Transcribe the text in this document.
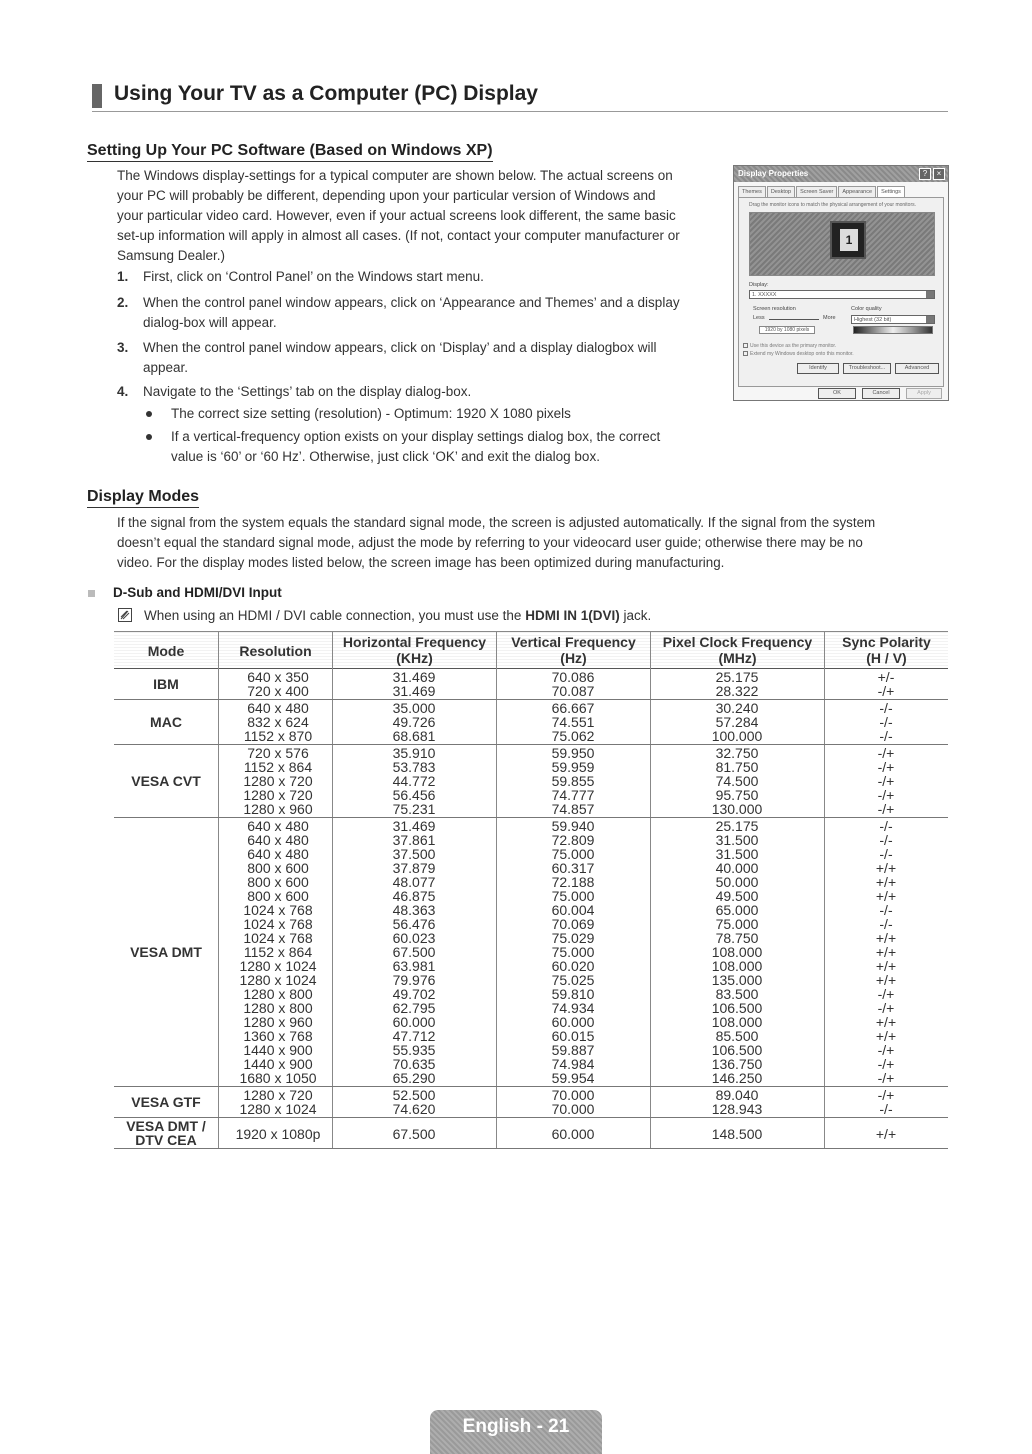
Using Your TV as a Computer (PC) Display
Setting Up Your PC Software (Based on Windows XP)
The Windows display-settings for a typical computer are shown below. The actual screens on
your PC will probably be different, depending upon your particular version of Windows and
your particular video card. However, even if your actual screens look different, the same basic
set-up information will apply in almost all cases. (If not, contact your computer manufacturer or
Samsung Dealer.)
1. First, click on ‘Control Panel’ on the Windows start menu.
2. When the control panel window appears, click on ‘Appearance and Themes’ and a display
dialog-box will appear.
3. When the control panel window appears, click on ‘Display’ and a display dialogbox will
appear.
4. Navigate to the ‘Settings’ tab on the display dialog-box.
The correct size setting (resolution) - Optimum: 1920 X 1080 pixels
If a vertical-frequency option exists on your display settings dialog box, the correct
value is ‘60’ or ‘60 Hz’. Otherwise, just click ‘OK’ and exit the dialog box.
Display Properties	?	×
Themes Desktop Screen Saver Appearance Settings
Drag the monitor icons to match the physical arrangement of your monitors.
1
Display:
1. XXXXX
Screen resolution
Less	More
1920 by 1080 pixels
Color quality
Highest (32 bit)
Use this device as the primary monitor.
Extend my Windows desktop onto this monitor.
Identify	Troubleshoot...	Advanced
OK	Cancel	Apply
Display Modes
If the signal from the system equals the standard signal mode, the screen is adjusted automatically. If the signal from the system
doesn’t equal the standard signal mode, adjust the mode by referring to your videocard user guide; otherwise there may be no
video. For the display modes listed below, the screen image has been optimized during manufacturing.
D-Sub and HDMI/DVI Input
When using an HDMI / DVI cable connection, you must use the HDMI IN 1(DVI) jack.
Mode	Resolution
Horizontal Frequency
(KHz)
Vertical Frequency
(Hz)
Pixel Clock Frequency
(MHz)
Sync Polarity
(H / V)
IBM	640 x 350	31.469	70.086	25.175	+/-
720 x 400	31.469	70.087	28.322	-/+
MAC
640 x 480	35.000	66.667	30.240	-/-
832 x 624	49.726	74.551	57.284	-/-
1152 x 870	68.681	75.062	100.000	-/-
VESA CVT
720 x 576	35.910	59.950	32.750	-/+
1152 x 864	53.783	59.959	81.750	-/+
1280 x 720	44.772	59.855	74.500	-/+
1280 x 720	56.456	74.777	95.750	-/+
1280 x 960	75.231	74.857	130.000	-/+
VESA DMT
640 x 480	31.469	59.940	25.175	-/-
640 x 480	37.861	72.809	31.500	-/-
640 x 480	37.500	75.000	31.500	-/-
800 x 600	37.879	60.317	40.000	+/+
800 x 600	48.077	72.188	50.000	+/+
800 x 600	46.875	75.000	49.500	+/+
1024 x 768	48.363	60.004	65.000	-/-
1024 x 768	56.476	70.069	75.000	-/-
1024 x 768	60.023	75.029	78.750	+/+
1152 x 864	67.500	75.000	108.000	+/+
1280 x 1024	63.981	60.020	108.000	+/+
1280 x 1024	79.976	75.025	135.000	+/+
1280 x 800	49.702	59.810	83.500	-/+
1280 x 800	62.795	74.934	106.500	-/+
1280 x 960	60.000	60.000	108.000	+/+
1360 x 768	47.712	60.015	85.500	+/+
1440 x 900	55.935	59.887	106.500	-/+
1440 x 900	70.635	74.984	136.750	-/+
1680 x 1050	65.290	59.954	146.250	-/+
VESA GTF	1280 x 720	52.500	70.000	89.040	-/+
1280 x 1024	74.620	70.000	128.943	-/-
VESA DMT /
DTV CEA	1920 x 1080p	67.500	60.000	148.500	+/+
English - 21
